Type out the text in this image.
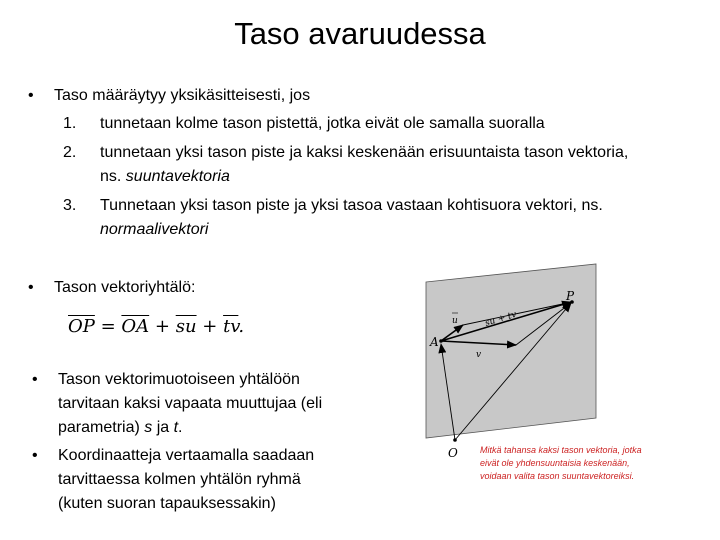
Taso avaruudessa
• Taso määräytyy yksikäsitteisesti, jos
1. tunnetaan kolme tason pistettä, jotka eivät ole samalla suoralla
2. tunnetaan yksi tason piste ja kaksi keskenään erisuuntaista tason vektoria,
ns. suuntavektoria
3. Tunnetaan yksi tason piste ja yksi tasoa vastaan kohtisuora vektori, ns.
normaalivektori
• Tason vektoriyhtälö:
$\overline{OP} = \overline{OA} + \overline{su} + \overline{tv}$.
• Tason vektorimuotoiseen yhtälöön
tarvitaan kaksi vapaata muuttujaa (eli
parametria) s ja t.
• Koordinaatteja vertaamalla saadaan
tarvittaessa kolmen yhtälön ryhmä
(kuten suoran tapauksessakin)
P
A
O
u
v
su + tv
Mitkä tahansa kaksi tason vektoria, jotka
eivät ole yhdensuuntaisia keskenään,
voidaan valita tason suuntavektoreiksi.
